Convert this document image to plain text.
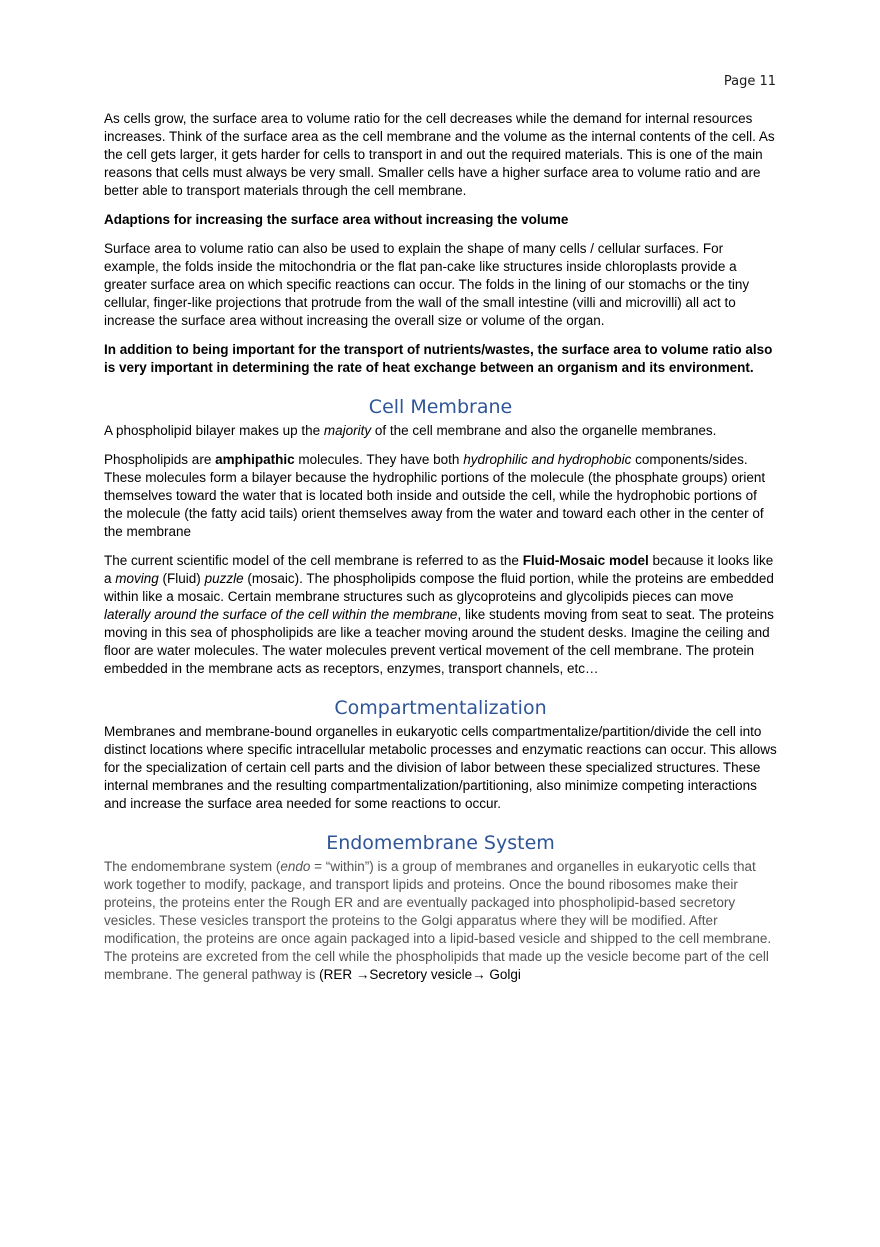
Page 11

As cells grow, the surface area to volume ratio for the cell decreases while the demand for internal resources increases. Think of the surface area as the cell membrane and the volume as the internal contents of the cell. As the cell gets larger, it gets harder for cells to transport in and out the required materials. This is one of the main reasons that cells must always be very small. Smaller cells have a higher surface area to volume ratio and are better able to transport materials through the cell membrane.

Adaptions for increasing the surface area without increasing the volume

Surface area to volume ratio can also be used to explain the shape of many cells / cellular surfaces. For example, the folds inside the mitochondria or the flat pan-cake like structures inside chloroplasts provide a greater surface area on which specific reactions can occur. The folds in the lining of our stomachs or the tiny cellular, finger-like projections that protrude from the wall of the small intestine (villi and microvilli) all act to increase the surface area without increasing the overall size or volume of the organ.

In addition to being important for the transport of nutrients/wastes, the surface area to volume ratio also is very important in determining the rate of heat exchange between an organism and its environment.

Cell Membrane

A phospholipid bilayer makes up the majority of the cell membrane and also the organelle membranes.

Phospholipids are amphipathic molecules. They have both hydrophilic and hydrophobic components/sides. These molecules form a bilayer because the hydrophilic portions of the molecule (the phosphate groups) orient themselves toward the water that is located both inside and outside the cell, while the hydrophobic portions of the molecule (the fatty acid tails) orient themselves away from the water and toward each other in the center of the membrane

The current scientific model of the cell membrane is referred to as the Fluid-Mosaic model because it looks like a moving (Fluid) puzzle (mosaic). The phospholipids compose the fluid portion, while the proteins are embedded within like a mosaic. Certain membrane structures such as glycoproteins and glycolipids pieces can move laterally around the surface of the cell within the membrane, like students moving from seat to seat. The proteins moving in this sea of phospholipids are like a teacher moving around the student desks. Imagine the ceiling and floor are water molecules. The water molecules prevent vertical movement of the cell membrane. The protein embedded in the membrane acts as receptors, enzymes, transport channels, etc…

Compartmentalization

Membranes and membrane-bound organelles in eukaryotic cells compartmentalize/partition/divide the cell into distinct locations where specific intracellular metabolic processes and enzymatic reactions can occur. This allows for the specialization of certain cell parts and the division of labor between these specialized structures. These internal membranes and the resulting compartmentalization/partitioning, also minimize competing interactions and increase the surface area needed for some reactions to occur.

Endomembrane System

The endomembrane system (endo = “within”) is a group of membranes and organelles in eukaryotic cells that work together to modify, package, and transport lipids and proteins. Once the bound ribosomes make their proteins, the proteins enter the Rough ER and are eventually packaged into phospholipid-based secretory vesicles. These vesicles transport the proteins to the Golgi apparatus where they will be modified. After modification, the proteins are once again packaged into a lipid-based vesicle and shipped to the cell membrane. The proteins are excreted from the cell while the phospholipids that made up the vesicle become part of the cell membrane. The general pathway is (RER →Secretory vesicle→ Golgi
